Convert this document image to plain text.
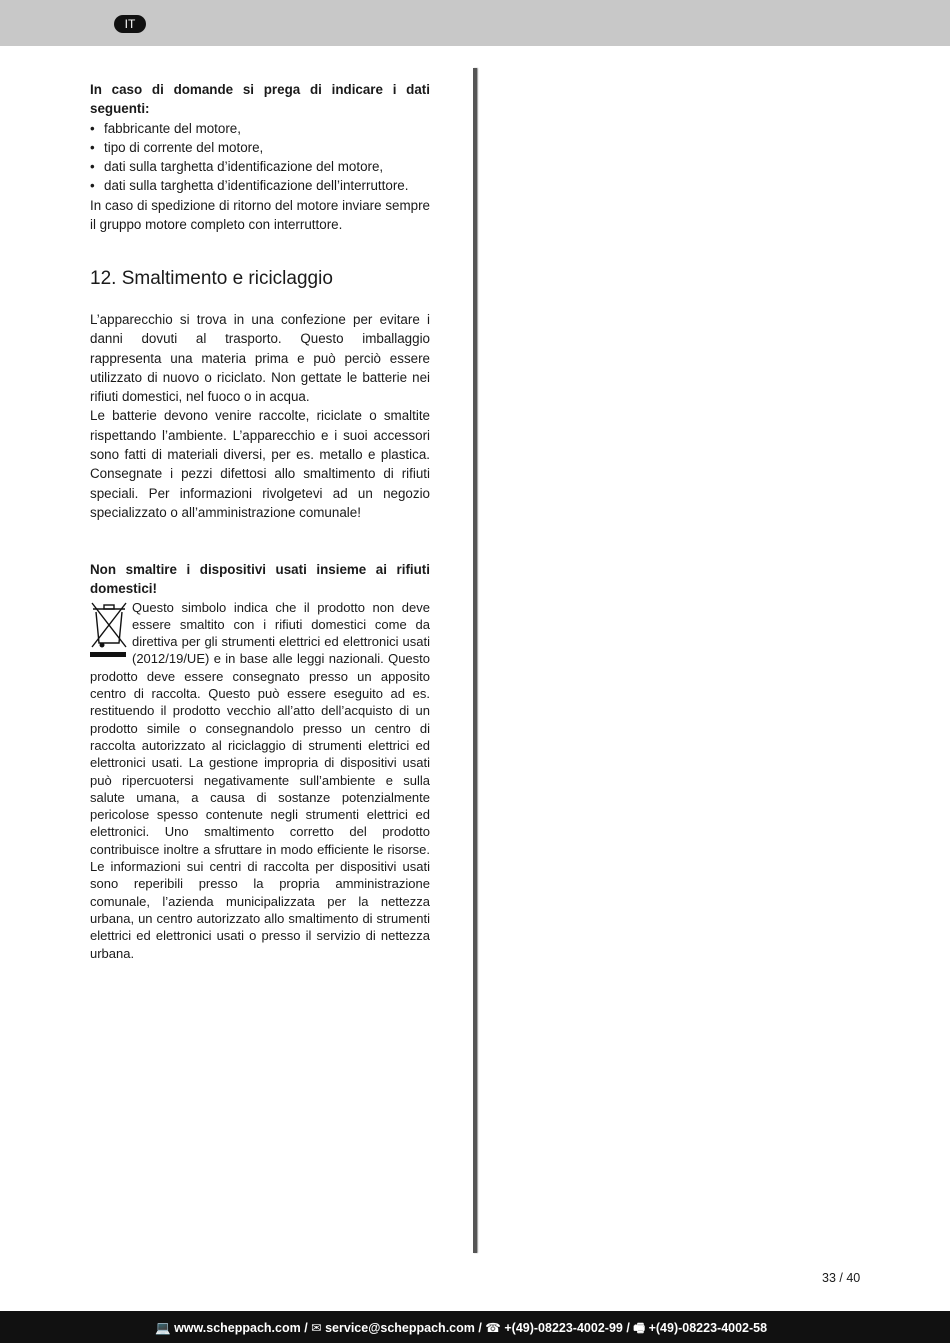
IT

In caso di domande si prega di indicare i dati seguenti:

• fabbricante del motore,
• tipo di corrente del motore,
• dati sulla targhetta d’identificazione del motore,
• dati sulla targhetta d’identificazione dell’interruttore.

In caso di spedizione di ritorno del motore inviare sempre il gruppo motore completo con interruttore.

12. Smaltimento e riciclaggio

L’apparecchio si trova in una confezione per evitare i danni dovuti al trasporto. Questo imballaggio rappresenta una materia prima e può perciò essere utilizzato di nuovo o riciclato. Non gettate le batterie nei rifiuti domestici, nel fuoco o in acqua.

Le batterie devono venire raccolte, riciclate o smaltite rispettando l’ambiente. L’apparecchio e i suoi accessori sono fatti di materiali diversi, per es. metallo e plastica. Consegnate i pezzi difettosi allo smaltimento di rifiuti speciali. Per informazioni rivolgetevi ad un negozio specializzato o all’amministrazione comunale!

Non smaltire i dispositivi usati insieme ai rifiuti domestici!

Questo simbolo indica che il prodotto non deve essere smaltito con i rifiuti domestici come da direttiva per gli strumenti elettrici ed elettronici usati (2012/19/UE) e in base alle leggi nazionali. Questo prodotto deve essere consegnato presso un apposito centro di raccolta. Questo può essere eseguito ad es. restituendo il prodotto vecchio all’atto dell’acquisto di un prodotto simile o consegnandolo presso un centro di raccolta autorizzato al riciclaggio di strumenti elettrici ed elettronici usati. La gestione impropria di dispositivi usati può ripercuotersi negativamente sull’ambiente e sulla salute umana, a causa di sostanze potenzialmente pericolose spesso contenute negli strumenti elettrici ed elettronici. Uno smaltimento corretto del prodotto contribuisce inoltre a sfruttare in modo efficiente le risorse. Le informazioni sui centri di raccolta per dispositivi usati sono reperibili presso la propria amministrazione comunale, l’azienda municipalizzata per la nettezza urbana, un centro autorizzato allo smaltimento di strumenti elettrici ed elettronici usati o presso il servizio di nettezza urbana.

33 / 40
💻 www.scheppach.com / ✉ service@scheppach.com / ☎ +(49)-08223-4002-99 / 🖷 +(49)-08223-4002-58
